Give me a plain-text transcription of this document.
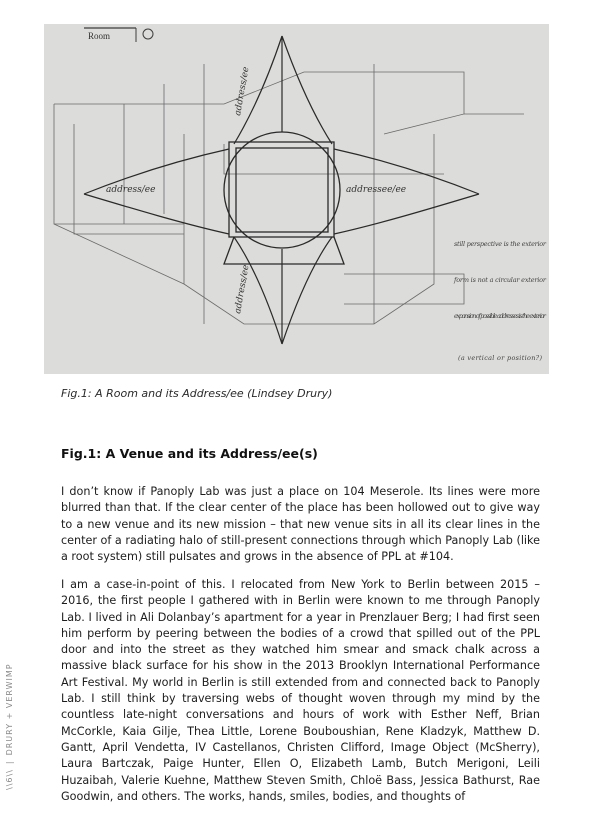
Room
address/ee	addressee/ee
address/ee
address/ee
still perspective is the exterior
form is not a circular exterior
expansion of possible addresses is the exterior
(a vertical or position?)
Fig.1: A Room and its Address/ee (Lindsey Drury)
Fig.1: A Venue and its Address/ee(s)

I don’t know if Panoply Lab was just a place on 104 Meserole. Its lines were more blurred than that. If the clear center of the place has been hollowed out to give way to a new venue and its new mission – that new venue sits in all its clear lines in the center of a radiating halo of still-present connections through which Panoply Lab (like a root system) still pulsates and grows in the absence of PPL at #104.

I am a case-in-point of this. I relocated from New York to Berlin between 2015 – 2016, the first people I gathered with in Berlin were known to me through Panoply Lab. I lived in Ali Dolanbay’s apartment for a year in Prenzlauer Berg; I had first seen him perform by peering between the bodies of a crowd that spilled out of the PPL door and into the street as they watched him smear and smack chalk across a massive black surface for his show in the 2013 Brooklyn International Performance Art Festival. My world in Berlin is still extended from and connected back to Panoply Lab. I still think by traversing webs of thought woven through my mind by the countless late-night conversations and hours of work with Esther Neff, Brian McCorkle, Kaia Gilje, Thea Little, Lorene Bouboushian, Rene Kladzyk, Matthew D. Gantt, April Vendetta, IV Castellanos, Christen Clifford, Image Object (McSherry), Laura Bartczak, Paige Hunter, Ellen O, Elizabeth Lamb, Butch Merigoni, Leili Huzaibah, Valerie Kuehne, Matthew Steven Smith, Chloë Bass, Jessica Bathurst, Rae Goodwin, and others. The works, hands, smiles, bodies, and thoughts of

\\6\\
|
DRURY + VERWIMP
